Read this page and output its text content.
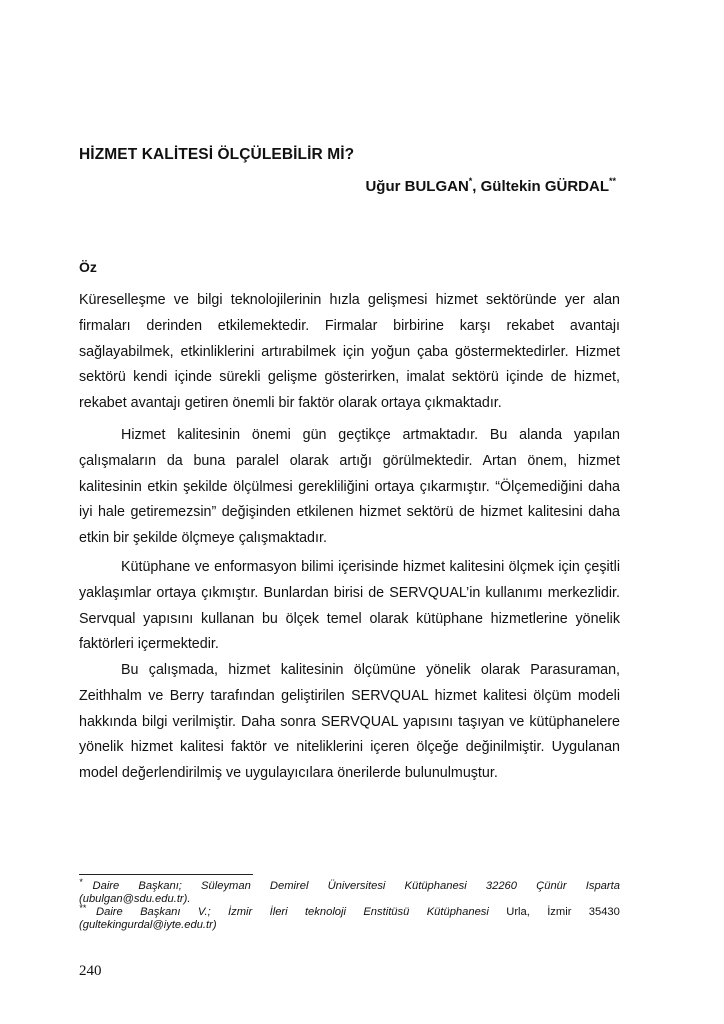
HİZMET KALİTESİ ÖLÇÜLEBİLİR Mİ?
Uğur BULGAN*, Gültekin GÜRDAL**
Öz

Küreselleşme ve bilgi teknolojilerinin hızla gelişmesi hizmet sektöründe yer alan firmaları derinden etkilemektedir. Firmalar birbirine karşı rekabet avantajı sağlayabilmek, etkinliklerini artırabilmek için yoğun çaba göstermektedirler. Hizmet sektörü kendi içinde sürekli gelişme gösterirken, imalat sektörü içinde de hizmet, rekabet avantajı getiren önemli bir faktör olarak ortaya çıkmaktadır.

Hizmet kalitesinin önemi gün geçtikçe artmaktadır. Bu alanda yapılan çalışmaların da buna paralel olarak artığı görülmektedir. Artan önem, hizmet kalitesinin etkin şekilde ölçülmesi gerekliliğini ortaya çıkarmıştır. “Ölçemediğini daha iyi hale getiremezsin” değişinden etkilenen hizmet sektörü de hizmet kalitesini daha etkin bir şekilde ölçmeye çalışmaktadır.

Kütüphane ve enformasyon bilimi içerisinde hizmet kalitesini ölçmek için çeşitli yaklaşımlar ortaya çıkmıştır. Bunlardan birisi de SERVQUAL’in kullanımı merkezlidir. Servqual yapısını kullanan bu ölçek temel olarak kütüphane hizmetlerine yönelik faktörleri içermektedir.

Bu çalışmada, hizmet kalitesinin ölçümüne yönelik olarak Parasuraman, Zeithhalm ve Berry tarafından geliştirilen SERVQUAL hizmet kalitesi ölçüm modeli hakkında bilgi verilmiştir. Daha sonra SERVQUAL yapısını taşıyan ve kütüphanelere yönelik hizmet kalitesi faktör ve niteliklerini içeren ölçeğe değinilmiştir. Uygulanan model değerlendirilmiş ve uygulayıcılara önerilerde bulunulmuştur.

* Daire Başkanı; Süleyman Demirel Üniversitesi Kütüphanesi 32260 Çünür Isparta
(ubulgan@sdu.edu.tr).
** Daire Başkanı V.; İzmir İleri teknoloji Enstitüsü Kütüphanesi Urla, İzmir 35430
(gultekingurdal@iyte.edu.tr)
240
